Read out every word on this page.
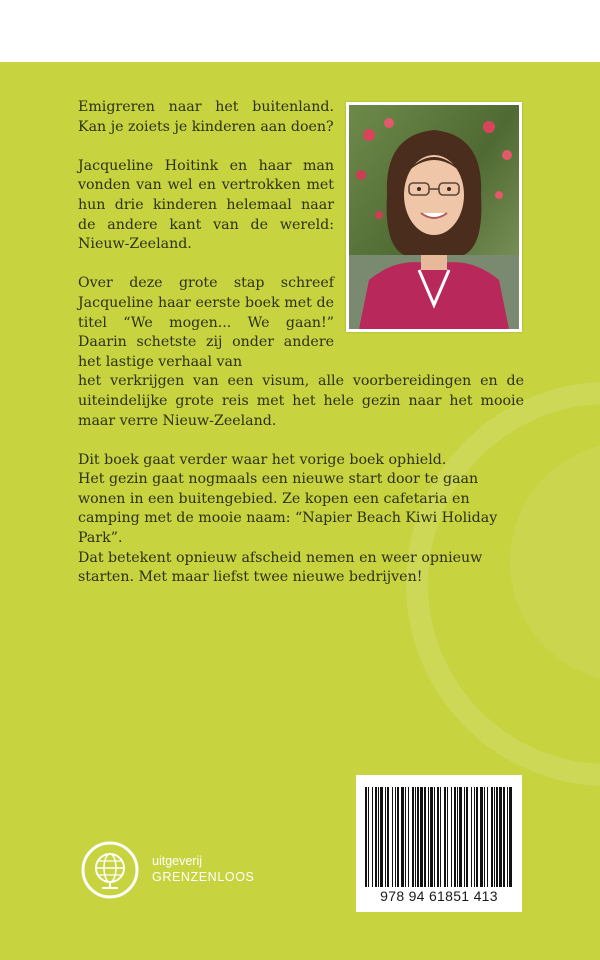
Emigreren naar het buitenland. Kan je zoiets je kinderen aan doen?

Jacqueline Hoitink en haar man vonden van wel en vertrokken met hun drie kinderen helemaal naar de andere kant van de wereld: Nieuw-Zeeland.

Over deze grote stap schreef Jacqueline haar eerste boek met de titel “We mogen... We gaan!” Daarin schetste zij onder andere het lastige verhaal van

het verkrijgen van een visum, alle voorbereidingen en de uiteindelijke grote reis met het hele gezin naar het mooie maar verre Nieuw-Zeeland.

Dit boek gaat verder waar het vorige boek ophield.
Het gezin gaat nogmaals een nieuwe start door te gaan wonen in een buitengebied. Ze kopen een cafetaria en camping met de mooie naam: “Napier Beach Kiwi Holiday Park”.
Dat betekent opnieuw afscheid nemen en weer opnieuw starten. Met maar liefst twee nieuwe bedrijven!
uitgeverij
GRENZENLOOS
978 94 61851 413
